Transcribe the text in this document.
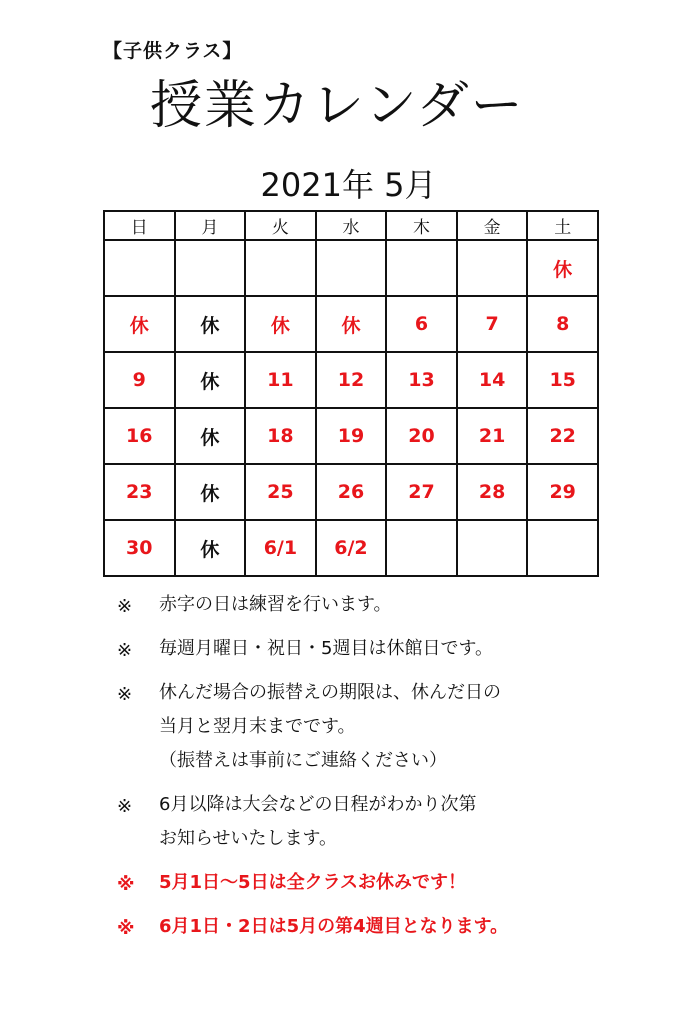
【子供クラス】
授業カレンダー
2021年 5月
日	月	火	水	木	金	土
						休
休	休	休	休	6	7	8
9	休	11	12	13	14	15
16	休	18	19	20	21	22
23	休	25	26	27	28	29
30	休	6/1	6/2			
※	赤字の日は練習を行います。
※	毎週月曜日・祝日・5週目は休館日です。
※	休んだ場合の振替えの期限は、休んだ日の
当月と翌月末までです。
（振替えは事前にご連絡ください）
※	6月以降は大会などの日程がわかり次第
お知らせいたします。
※	5月1日〜5日は全クラスお休みです！
※	6月1日・2日は5月の第4週目となります。
